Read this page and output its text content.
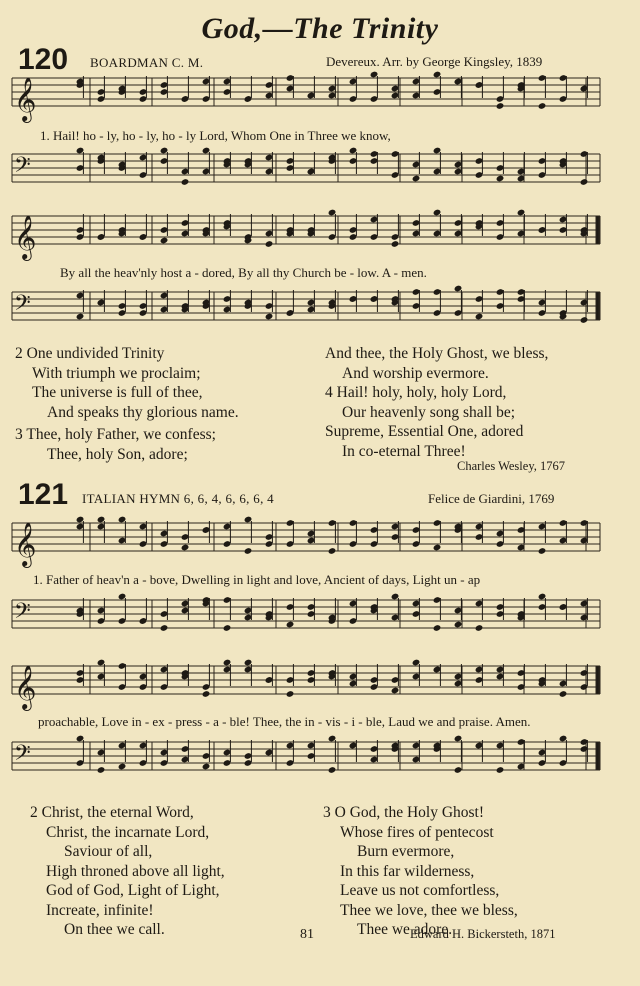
God,—The Trinity
120 BOARDMAN C. M.	Devereux. Arr. by George Kingsley, 1839
𝄞
𝄢
𝄞
𝄢
𝄞
𝄢
𝄞
𝄢
1. Hail! ho - ly, ho - ly, ho - ly Lord, Whom One in Three we know,
By all the heav'nly host a - dored, By all thy Church be - low. A - men.
2 One undivided Trinity
With triumph we proclaim;
The universe is full of thee,
And speaks thy glorious name.
3 Thee, holy Father, we confess;
Thee, holy Son, adore;
And thee, the Holy Ghost, we bless,
And worship evermore.
4 Hail! holy, holy, holy Lord,
Our heavenly song shall be;
Supreme, Essential One, adored
In co-eternal Three!
Charles Wesley, 1767
121 ITALIAN HYMN 6, 6, 4, 6, 6, 6, 4	Felice de Giardini, 1769
1. Father of heav'n a - bove, Dwelling in light and love, Ancient of days, Light un - ap
proachable, Love in - ex - press - a - ble! Thee, the in - vis - i - ble, Laud we and praise. Amen.
2 Christ, the eternal Word,
Christ, the incarnate Lord,
Saviour of all,
High throned above all light,
God of God, Light of Light,
Increate, infinite!
On thee we call.
3 O God, the Holy Ghost!
Whose fires of pentecost
Burn evermore,
In this far wilderness,
Leave us not comfortless,
Thee we love, thee we bless,
Thee we adore.
81	Edward H. Bickersteth, 1871
